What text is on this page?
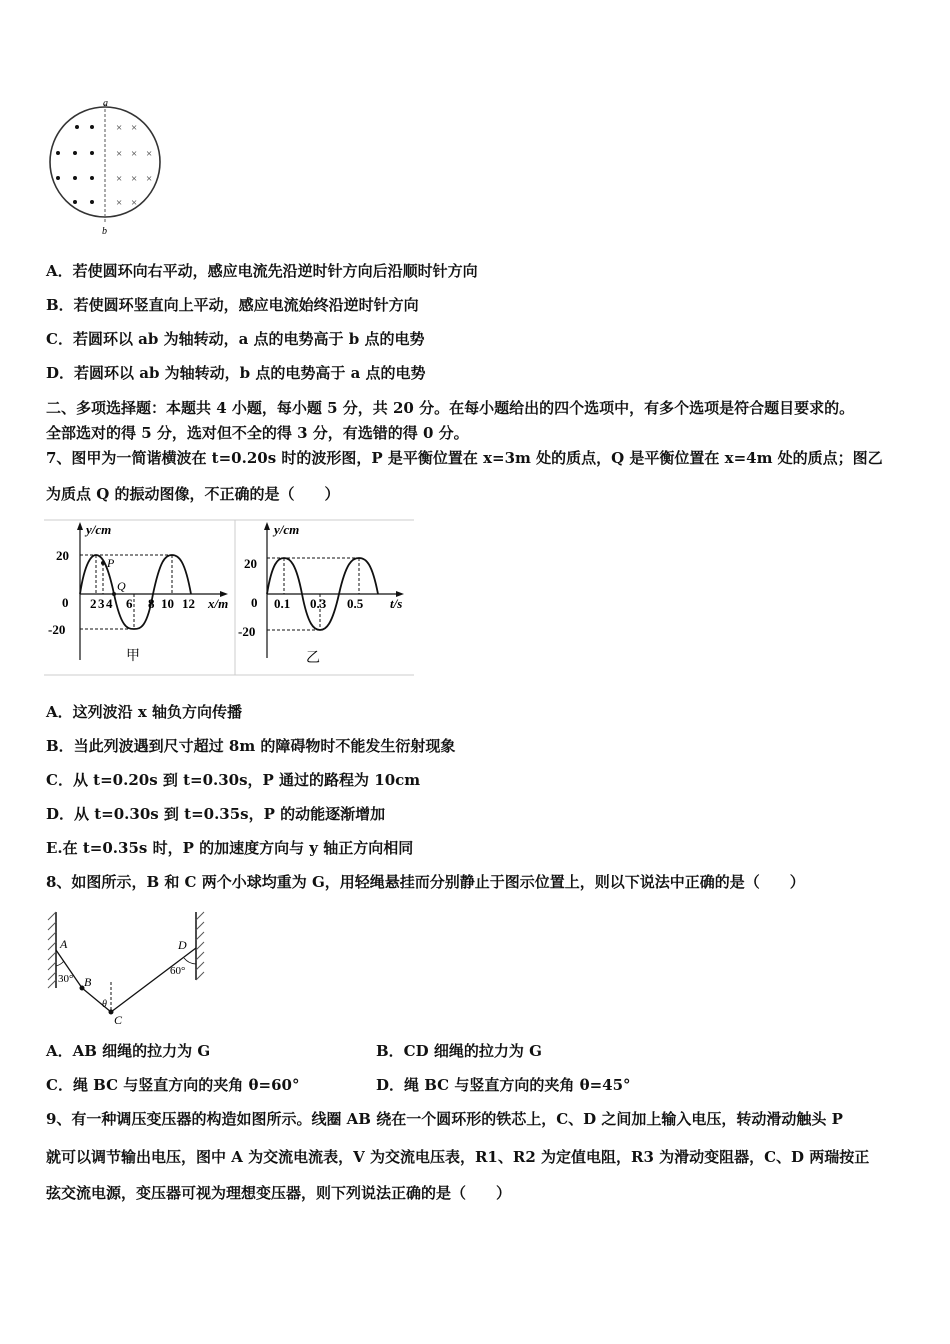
a
b
× ×
× × ×
× × ×
× ×
A．若使圆环向右平动，感应电流先沿逆时针方向后沿顺时针方向
B．若使圆环竖直向上平动，感应电流始终沿逆时针方向
C．若圆环以 ab 为轴转动，a 点的电势高于 b 点的电势
D．若圆环以 ab 为轴转动，b 点的电势高于 a 点的电势
二、多项选择题：本题共 4 小题，每小题 5 分，共 20 分。在每小题给出的四个选项中，有多个选项是符合题目要求的。
全部选对的得 5 分，选对但不全的得 3 分，有选错的得 0 分。
7、图甲为一简谐横波在 t=0.20s 时的波形图，P 是平衡位置在 x=3m 处的质点，Q 是平衡位置在 x=4m 处的质点；图乙
为质点 Q 的振动图像，不正确的是（　　）
y/cm
x/m
20
0
-20
P
Q
2 3 4 6 8 10 12
甲
y/cm
t/s
20
0
-20
0.1 0.3 0.5
乙
A．这列波沿 x 轴负方向传播
B．当此列波遇到尺寸超过 8m 的障碍物时不能发生衍射现象
C．从 t=0.20s 到 t=0.30s，P 通过的路程为 10cm
D．从 t=0.30s 到 t=0.35s，P 的动能逐渐增加
E.在 t=0.35s 时，P 的加速度方向与 y 轴正方向相同
8、如图所示，B 和 C 两个小球均重为 G，用轻绳悬挂而分别静止于图示位置上，则以下说法中正确的是（　　）
A
B
C
D
θ
30°
60°
A．AB 细绳的拉力为 G	B．CD 细绳的拉力为 G
C．绳 BC 与竖直方向的夹角 θ=60°	D．绳 BC 与竖直方向的夹角 θ=45°
9、有一种调压变压器的构造如图所示。线圈 AB 绕在一个圆环形的铁芯上，C、D 之间加上输入电压，转动滑动触头 P
就可以调节输出电压，图中 A 为交流电流表，V 为交流电压表，R1、R2 为定值电阻，R3 为滑动变阻器，C、D 两瑞按正
弦交流电源，变压器可视为理想变压器，则下列说法正确的是（　　）
